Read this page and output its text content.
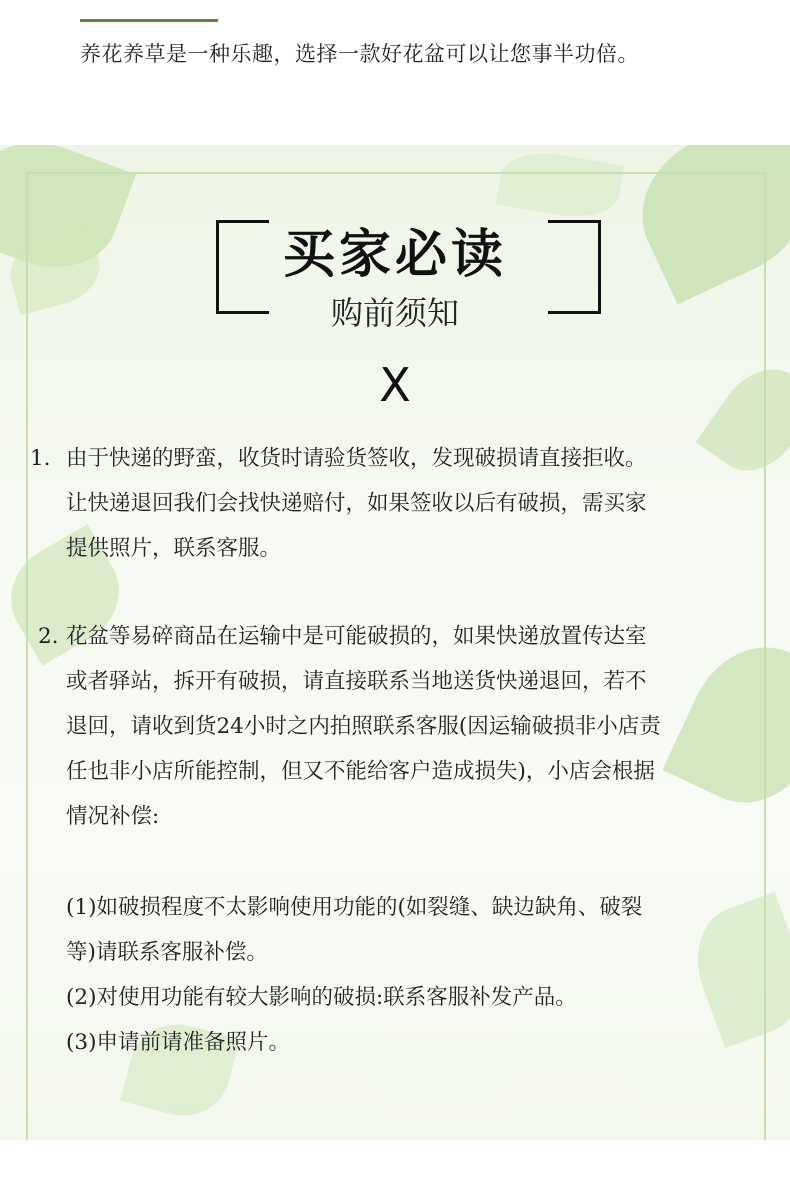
养花养草是一种乐趣，选择一款好花盆可以让您事半功倍。
买家必读
购前须知
X
1. 由于快递的野蛮，收货时请验货签收，发现破损请直接拒收。
让快递退回我们会找快递赔付，如果签收以后有破损，需买家
提供照片，联系客服。
2. 花盆等易碎商品在运输中是可能破损的，如果快递放置传达室
或者驿站，拆开有破损，请直接联系当地送货快递退回，若不
退回，请收到货24小时之内拍照联系客服(因运输破损非小店责
任也非小店所能控制，但又不能给客户造成损失)，小店会根据
情况补偿:
(1)如破损程度不太影响使用功能的(如裂缝、缺边缺角、破裂
等)请联系客服补偿。
(2)对使用功能有较大影响的破损:联系客服补发产品。
(3)申请前请准备照片。
